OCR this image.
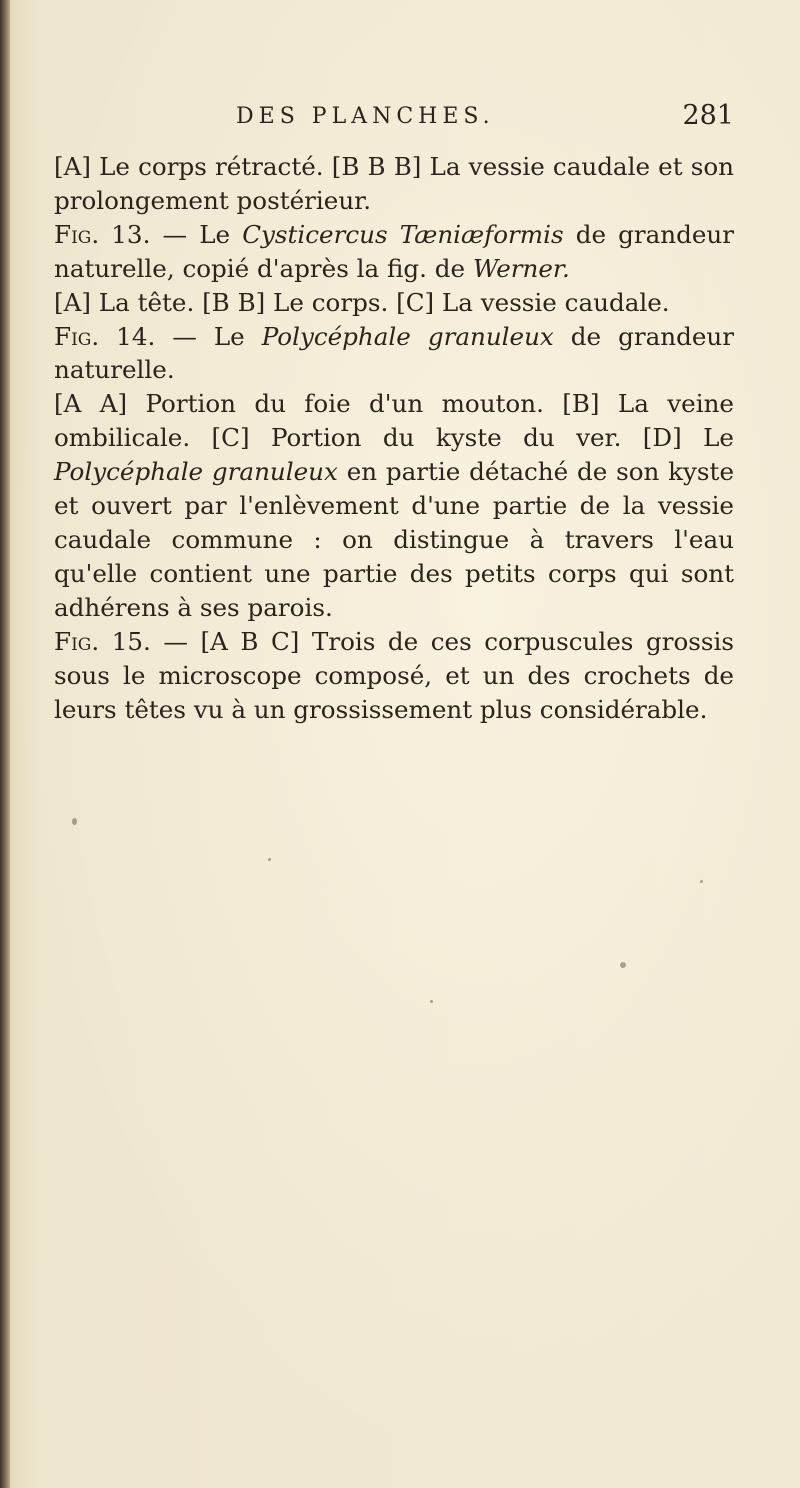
DES PLANCHES.	281

[A] Le corps rétracté. [B B B] La vessie caudale et son prolongement postérieur.

Fig. 13. — Le Cysticercus Tæniæformis de grandeur naturelle, copié d'après la fig. de Werner.

[A] La tête. [B B] Le corps. [C] La vessie caudale.

Fig. 14. — Le Polycéphale granuleux de grandeur naturelle.

[A A] Portion du foie d'un mouton. [B] La veine ombilicale. [C] Portion du kyste du ver. [D] Le Polycéphale granuleux en partie détaché de son kyste et ouvert par l'enlèvement d'une partie de la vessie caudale commune : on distingue à travers l'eau qu'elle contient une partie des petits corps qui sont adhérens à ses parois.

Fig. 15. — [A B C] Trois de ces corpuscules grossis sous le microscope composé, et un des crochets de leurs têtes vu à un grossissement plus considérable.
